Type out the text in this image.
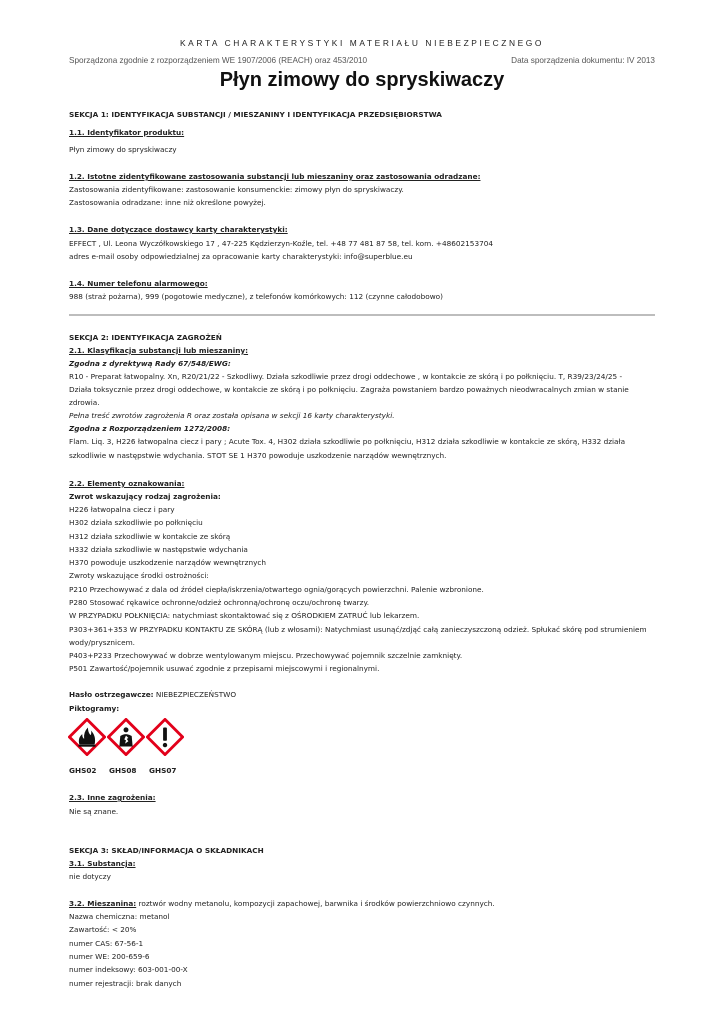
KARTA CHARAKTERYSTYKI MATERIAŁU NIEBEZPIECZNEGO
Sporządzona zgodnie z rozporządzeniem WE 1907/2006 (REACH) oraz 453/2010	Data sporządzenia dokumentu: IV 2013
Płyn zimowy do spryskiwaczy
SEKCJA 1: IDENTYFIKACJA SUBSTANCJI / MIESZANINY I IDENTYFIKACJA PRZEDSIĘBIORSTWA
1.1. Identyfikator produktu:
Płyn zimowy do spryskiwaczy
1.2. Istotne zidentyfikowane zastosowania substancji lub mieszaniny oraz zastosowania odradzane:
Zastosowania zidentyfikowane: zastosowanie konsumenckie: zimowy płyn do spryskiwaczy.
Zastosowania odradzane: inne niż określone powyżej.
1.3. Dane dotyczące dostawcy karty charakterystyki:
EFFECT , Ul. Leona Wyczółkowskiego 17 , 47-225 Kędzierzyn-Koźle, tel. +48 77 481 87 58, tel. kom. +48602153704
adres e-mail osoby odpowiedzialnej za opracowanie karty charakterystyki: info@superblue.eu
1.4. Numer telefonu alarmowego:
988 (straż pożarna), 999 (pogotowie medyczne), z telefonów komórkowych: 112 (czynne całodobowo)
SEKCJA 2: IDENTYFIKACJA ZAGROŻEŃ
2.1. Klasyfikacja substancji lub mieszaniny:
Zgodna z dyrektywą Rady 67/548/EWG:
R10 - Preparat łatwopalny. Xn, R20/21/22 - Szkodliwy. Działa szkodliwie przez drogi oddechowe , w kontakcie ze skórą i po połknięciu. T, R39/23/24/25 -
Działa toksycznie przez drogi oddechowe, w kontakcie ze skórą i po połknięciu. Zagraża powstaniem bardzo poważnych nieodwracalnych zmian w stanie
zdrowia.
Pełna treść zwrotów zagrożenia R oraz została opisana w sekcji 16 karty charakterystyki.
Zgodna z Rozporządzeniem 1272/2008:
Flam. Liq. 3, H226 łatwopalna ciecz i pary ; Acute Tox. 4, H302 działa szkodliwie po połknięciu, H312 działa szkodliwie w kontakcie ze skórą, H332 działa
szkodliwie w następstwie wdychania. STOT SE 1 H370 powoduje uszkodzenie narządów wewnętrznych.
2.2. Elementy oznakowania:
Zwrot wskazujący rodzaj zagrożenia:
H226 łatwopalna ciecz i pary
H302 działa szkodliwie po połknięciu
H312 działa szkodliwie w kontakcie ze skórą
H332 działa szkodliwie w następstwie wdychania
H370 powoduje uszkodzenie narządów wewnętrznych
Zwroty wskazujące środki ostrożności:
P210 Przechowywać z dala od źródeł ciepła/iskrzenia/otwartego ognia/gorących powierzchni. Palenie wzbronione.
P280 Stosować rękawice ochronne/odzież ochronną/ochronę oczu/ochronę twarzy.
W PRZYPADKU POŁKNIĘCIA: natychmiast skontaktować się z OŚRODKIEM ZATRUĆ lub lekarzem.
P303+361+353 W PRZYPADKU KONTAKTU ZE SKÓRĄ (lub z włosami): Natychmiast usunąć/zdjąć całą zanieczyszczoną odzież. Spłukać skórę pod strumieniem
wody/prysznicem.
P403+P233 Przechowywać w dobrze wentylowanym miejscu. Przechowywać pojemnik szczelnie zamknięty.
P501 Zawartość/pojemnik usuwać zgodnie z przepisami miejscowymi i regionalnymi.
Hasło ostrzegawcze: NIEBEZPIECZEŃSTWO
Piktogramy:
GHS02 GHS08 GHS07
2.3. Inne zagrożenia:
Nie są znane.
SEKCJA 3: SKŁAD/INFORMACJA O SKŁADNIKACH
3.1. Substancja:
nie dotyczy
3.2. Mieszanina: roztwór wodny metanolu, kompozycji zapachowej, barwnika i środków powierzchniowo czynnych.
Nazwa chemiczna: metanol
Zawartość: < 20%
numer CAS: 67-56-1
numer WE: 200-659-6
numer indeksowy: 603-001-00-X
numer rejestracji: brak danych
